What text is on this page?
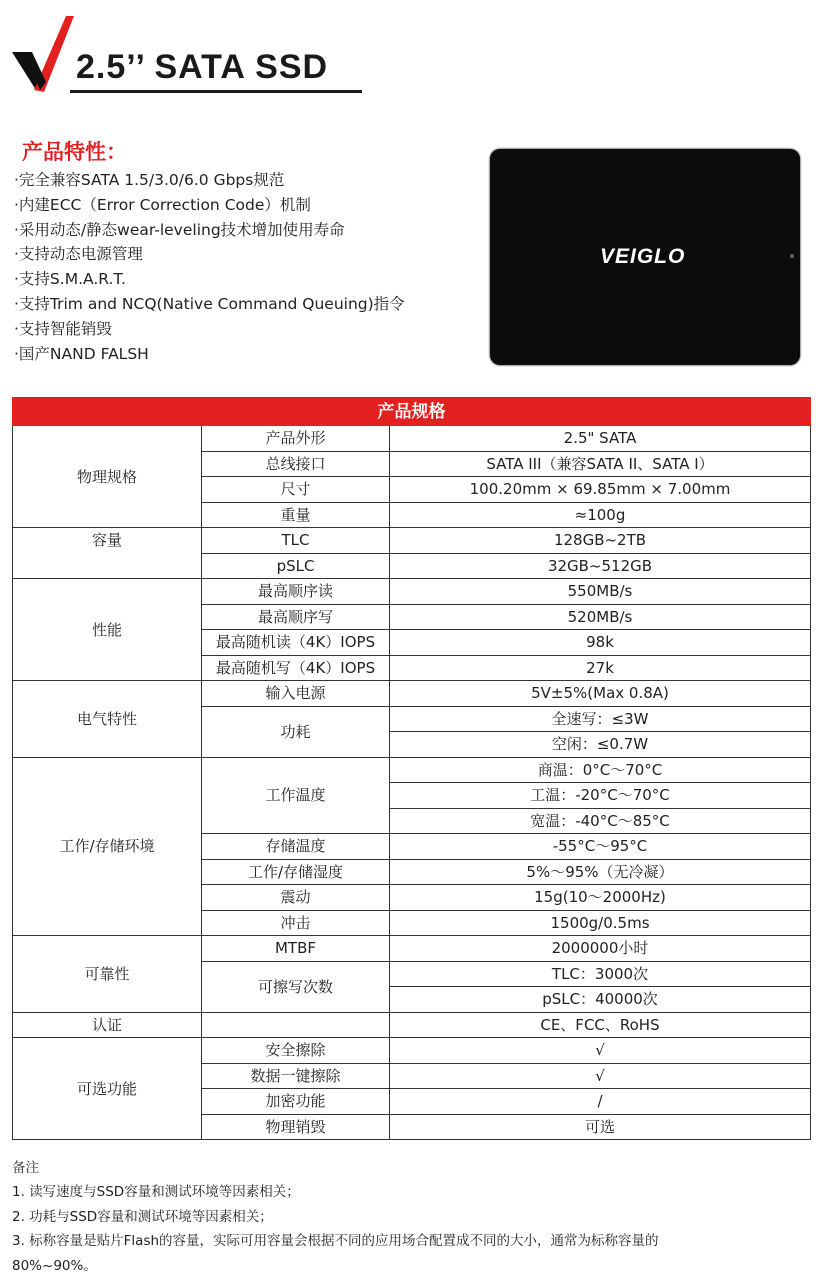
2.5’’ SATA SSD
产品特性：
·完全兼容SATA 1.5/3.0/6.0 Gbps规范
·内建ECC（Error Correction Code）机制
·采用动态/静态wear-leveling技术增加使用寿命
·支持动态电源管理
·支持S.M.A.R.T.
·支持Trim and NCQ(Native Command Queuing)指令
·支持智能销毁
·国产NAND FALSH
VEIGLO
产品规格		
物理规格	产品外形	2.5" SATA
	总线接口	SATA III（兼容SATA II、SATA I）
	尺寸	100.20mm × 69.85mm × 7.00mm
	重量	≈100g
容量	TLC	128GB~2TB
	pSLC	32GB~512GB
性能	最高顺序读	550MB/s
	最高顺序写	520MB/s
	最高随机读（4K）IOPS	98k
	最高随机写（4K）IOPS	27k
电气特性	输入电源	5V±5%(Max 0.8A)
	功耗	全速写：≤3W
		空闲：≤0.7W
工作/存储环境	工作温度	商温：0°C～70°C
		工温：-20°C～70°C
		宽温：-40°C～85°C
	存储温度	-55°C～95°C
	工作/存储湿度	5%～95%（无冷凝）
	震动	15g(10～2000Hz)
	冲击	1500g/0.5ms
可靠性	MTBF	2000000小时
	可擦写次数	TLC：3000次
		pSLC：40000次
认证		CE、FCC、RoHS
可选功能	安全擦除	√
	数据一键擦除	√
	加密功能	/
	物理销毁	可选
备注
1. 读写速度与SSD容量和测试环境等因素相关；
2. 功耗与SSD容量和测试环境等因素相关；
3. 标称容量是贴片Flash的容量，实际可用容量会根据不同的应用场合配置成不同的大小，通常为标称容量的
80%~90%。
